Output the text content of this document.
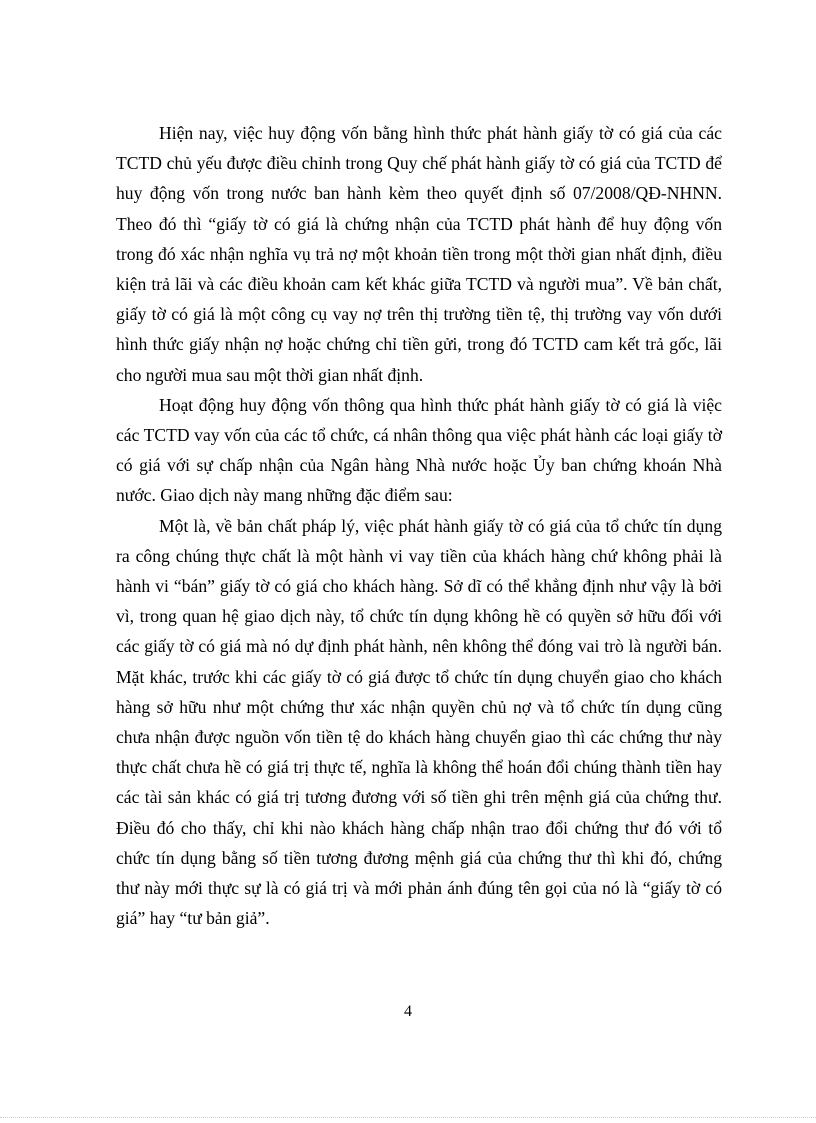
Hiện nay, việc huy động vốn bằng hình thức phát hành giấy tờ có giá của các TCTD chủ yếu được điều chỉnh trong Quy chế phát hành giấy tờ có giá của TCTD để huy động vốn trong nước ban hành kèm theo quyết định số 07/2008/QĐ-NHNN. Theo đó thì “giấy tờ có giá là chứng nhận của TCTD phát hành để huy động vốn trong đó xác nhận nghĩa vụ trả nợ một khoản tiền trong một thời gian nhất định, điều kiện trả lãi và các điều khoản cam kết khác giữa TCTD và người mua”. Về bản chất, giấy tờ có giá là một công cụ vay nợ trên thị trường tiền tệ, thị trường vay vốn dưới hình thức giấy nhận nợ hoặc chứng chỉ tiền gửi, trong đó TCTD cam kết trả gốc, lãi cho người mua sau một thời gian nhất định.

Hoạt động huy động vốn thông qua hình thức phát hành giấy tờ có giá là việc các TCTD vay vốn của các tổ chức, cá nhân thông qua việc phát hành các loại giấy tờ có giá với sự chấp nhận của Ngân hàng Nhà nước hoặc Ủy ban chứng khoán Nhà nước. Giao dịch này mang những đặc điểm sau:

Một là, về bản chất pháp lý, việc phát hành giấy tờ có giá của tổ chức tín dụng ra công chúng thực chất là một hành vi vay tiền của khách hàng chứ không phải là hành vi “bán” giấy tờ có giá cho khách hàng. Sở dĩ có thể khẳng định như vậy là bởi vì, trong quan hệ giao dịch này, tổ chức tín dụng không hề có quyền sở hữu đối với các giấy tờ có giá mà nó dự định phát hành, nên không thể đóng vai trò là người bán. Mặt khác, trước khi các giấy tờ có giá được tổ chức tín dụng chuyển giao cho khách hàng sở hữu như một chứng thư xác nhận quyền chủ nợ và tổ chức tín dụng cũng chưa nhận được nguồn vốn tiền tệ do khách hàng chuyển giao thì các chứng thư này thực chất chưa hề có giá trị thực tế, nghĩa là không thể hoán đổi chúng thành tiền hay các tài sản khác có giá trị tương đương với số tiền ghi trên mệnh giá của chứng thư. Điều đó cho thấy, chỉ khi nào khách hàng chấp nhận trao đổi chứng thư đó với tổ chức tín dụng bằng số tiền tương đương mệnh giá của chứng thư thì khi đó, chứng thư này mới thực sự là có giá trị và mới phản ánh đúng tên gọi của nó là “giấy tờ có giá” hay “tư bản giả”.

4
